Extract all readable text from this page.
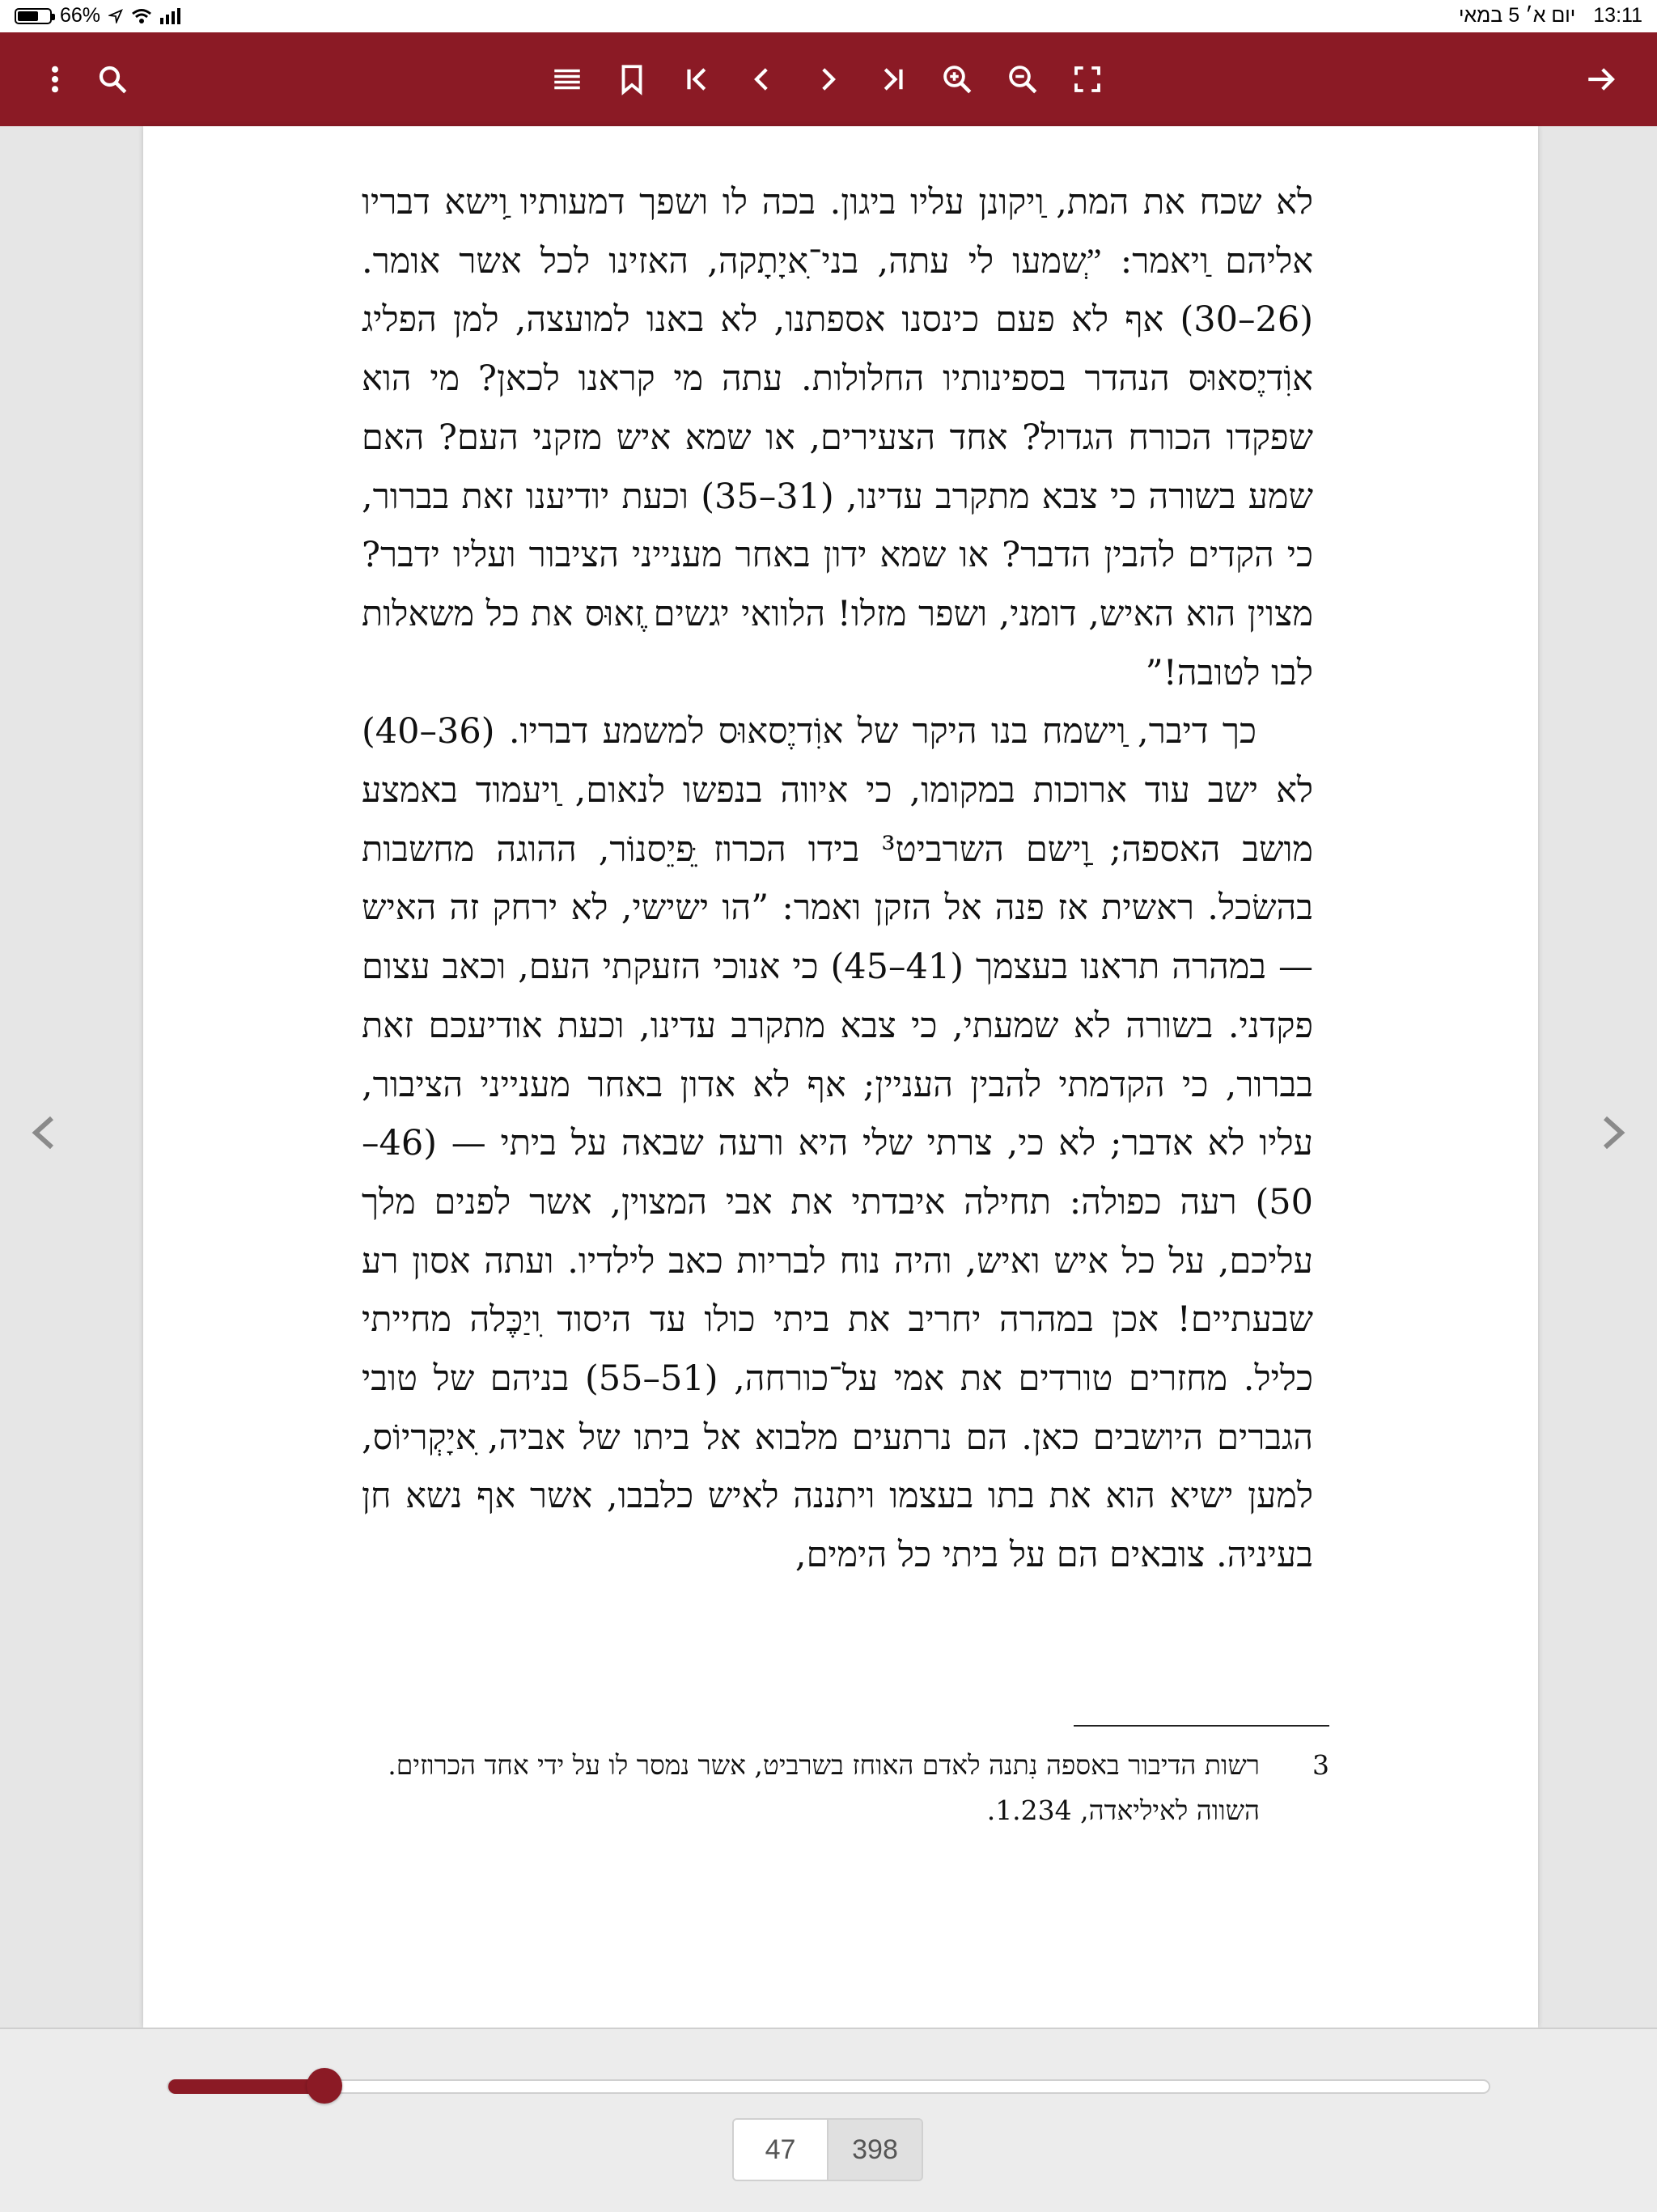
66%	יום א׳ 5 במאי 13:11

לא שכח את המת, ַויקונן עליו ביגון. בכה לו ושפך דמעותיו ַוִישא דבריו אליהם ַויאמר: ”ְשמעו לי עתה, בני־ִאיָתָקה, האזינו לכל אשר אומר. (26–30) אף לא פעם כינסנו אספתנו, לא באנו למועצה, למן הפליג אוִֹדיֶסאוּס הנהדר בספינותיו החלולות. עתה מי קראנו לכאן? מי הוא שפקדו הכורח הגדול? אחד הצעירים, או שמא איש מזקני העם? האם שמע בשורה כי צבא מתקרב עדינו, (31–35) וכעת יודיענו זאת בברור, כי הקדים להבין הדבר? או שמא ידון באחר מענייני הציבור ועליו ידבר? מצוין הוא האיש, דומני, ושפר מזלו! הלוואי יגשים ֶזאוּס את כל משאלות לבו לטובה!”

כך דיבר, ַוישמח בנו היקר של אוִֹדיֶסאוּס למשמע דבריו. (36–40) לא ישב עוד ארוכות במקומו, כי איווה בנפשו לנאום, ַויעמוד באמצע מושב האספה; ַוָישם השרביט³ בידו הכרוז ֵּפיֵסנוֹר, ההוגה מחשבות בהשׂכל. ראשית אז פנה אל הזקן ואמר: ”הו ישישי, לא ירחק זה האיש — במהרה תראנו בעצמך (41–45) כי אנוכי הזעקתי העם, וכאב עצום פקדני. בשורה לא שמעתי, כי צבא מתקרב עדינו, וכעת אודיעכם זאת בברור, כי הקדמתי להבין העניין; אף לא אדון באחר מענייני הציבור, עליו לא אדבר; לא כי, צרתי שלי היא ורעה שבאה על ביתי — (46–50) רעה כפולה: תחילה איבדתי את אבי המצוין, אשר לפנים מלך עליכם, על כל איש ואיש, והיה נוח לבריות כאב לילדיו. ועתה אסון רע שבעתיים! אכן במהרה יחריב את ביתי כולו עד היסוד ִויַכֶּלה מחייתי כליל. מחזרים טורדים את אמי על־כורחה, (51–55) בניהם של טובי הגברים היושבים כאן. הם נרתעים מלבוא אל ביתו של אביה, ִאיָקְריוֹס, למען ישיא הוא את בתו בעצמו ויתננה לאיש כלבבו, אשר אף נשא חן בעיניה. צובאים הם על ביתי כל הימים,

3
רשות הדיבור באספה נִתנה לאדם האוחז בשרביט, אשר נמסר לו על ידי אחד הכרוזים. השווה לאיליאדה, 1.234.
47	398
